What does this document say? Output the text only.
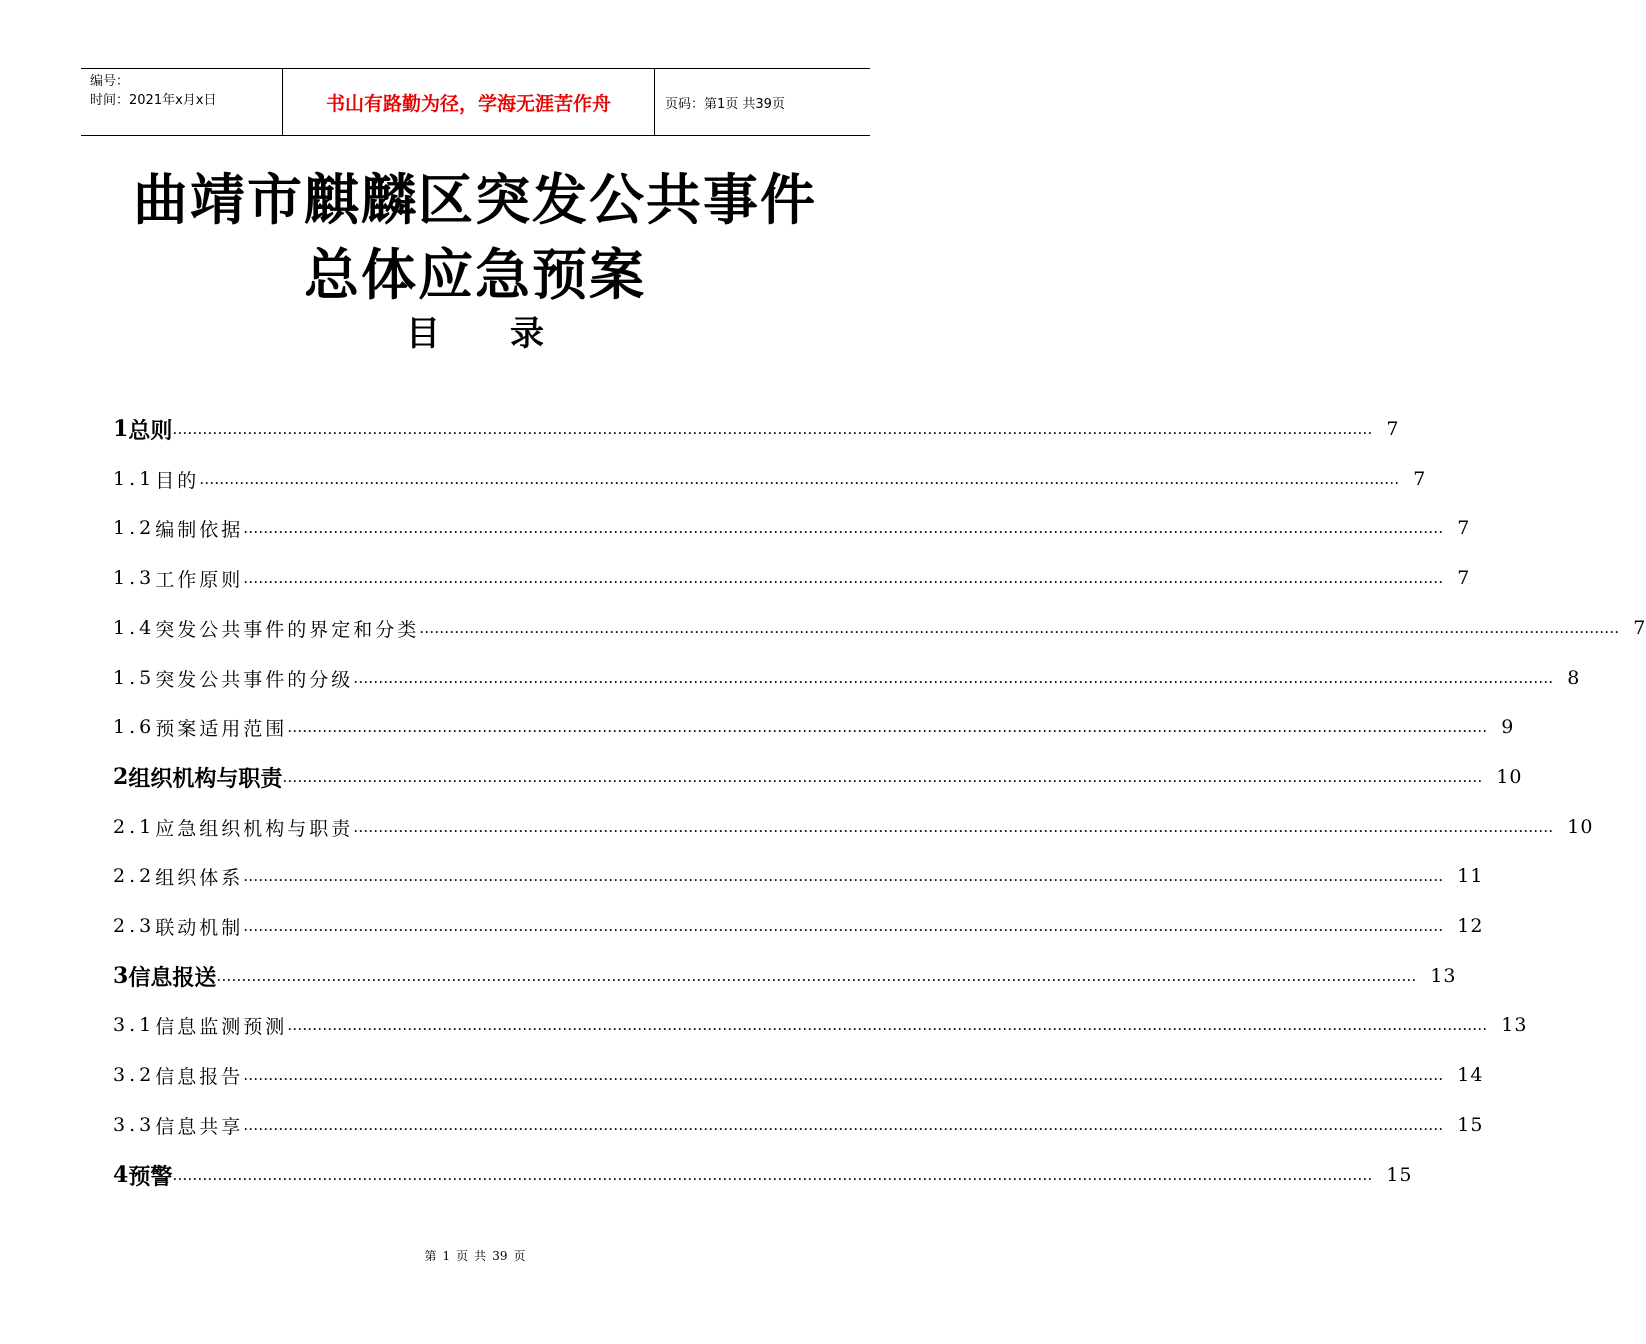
编号：
时间：2021年x月x日	书山有路勤为径，学海无涯苦作舟	页码：第1页 共39页
曲靖市麒麟区突发公共事件
总体应急预案
目 录
1 总则 …………………………………………………………………………………………………………………………………………………………………………………………………………………… 7
1.1 目的 …………………………………………………………………………………………………………………………………………………………………………………………………………………… 7
1.2 编制依据 …………………………………………………………………………………………………………………………………………………………………………………………………………………… 7
1.3 工作原则 …………………………………………………………………………………………………………………………………………………………………………………………………………………… 7
1.4 突发公共事件的界定和分类 …………………………………………………………………………………………………………………………………………………………………………………………………………………… 7
1.5 突发公共事件的分级 …………………………………………………………………………………………………………………………………………………………………………………………………………………… 8
1.6 预案适用范围 …………………………………………………………………………………………………………………………………………………………………………………………………………………… 9
2 组织机构与职责 …………………………………………………………………………………………………………………………………………………………………………………………………………………… 10
2.1 应急组织机构与职责 …………………………………………………………………………………………………………………………………………………………………………………………………………………… 10
2.2 组织体系 …………………………………………………………………………………………………………………………………………………………………………………………………………………… 11
2.3 联动机制 …………………………………………………………………………………………………………………………………………………………………………………………………………………… 12
3 信息报送 …………………………………………………………………………………………………………………………………………………………………………………………………………………… 13
3.1 信息监测预测 …………………………………………………………………………………………………………………………………………………………………………………………………………………… 13
3.2 信息报告 …………………………………………………………………………………………………………………………………………………………………………………………………………………… 14
3.3 信息共享 …………………………………………………………………………………………………………………………………………………………………………………………………………………… 15
4 预警 …………………………………………………………………………………………………………………………………………………………………………………………………………………… 15
第 1 页 共 39 页
